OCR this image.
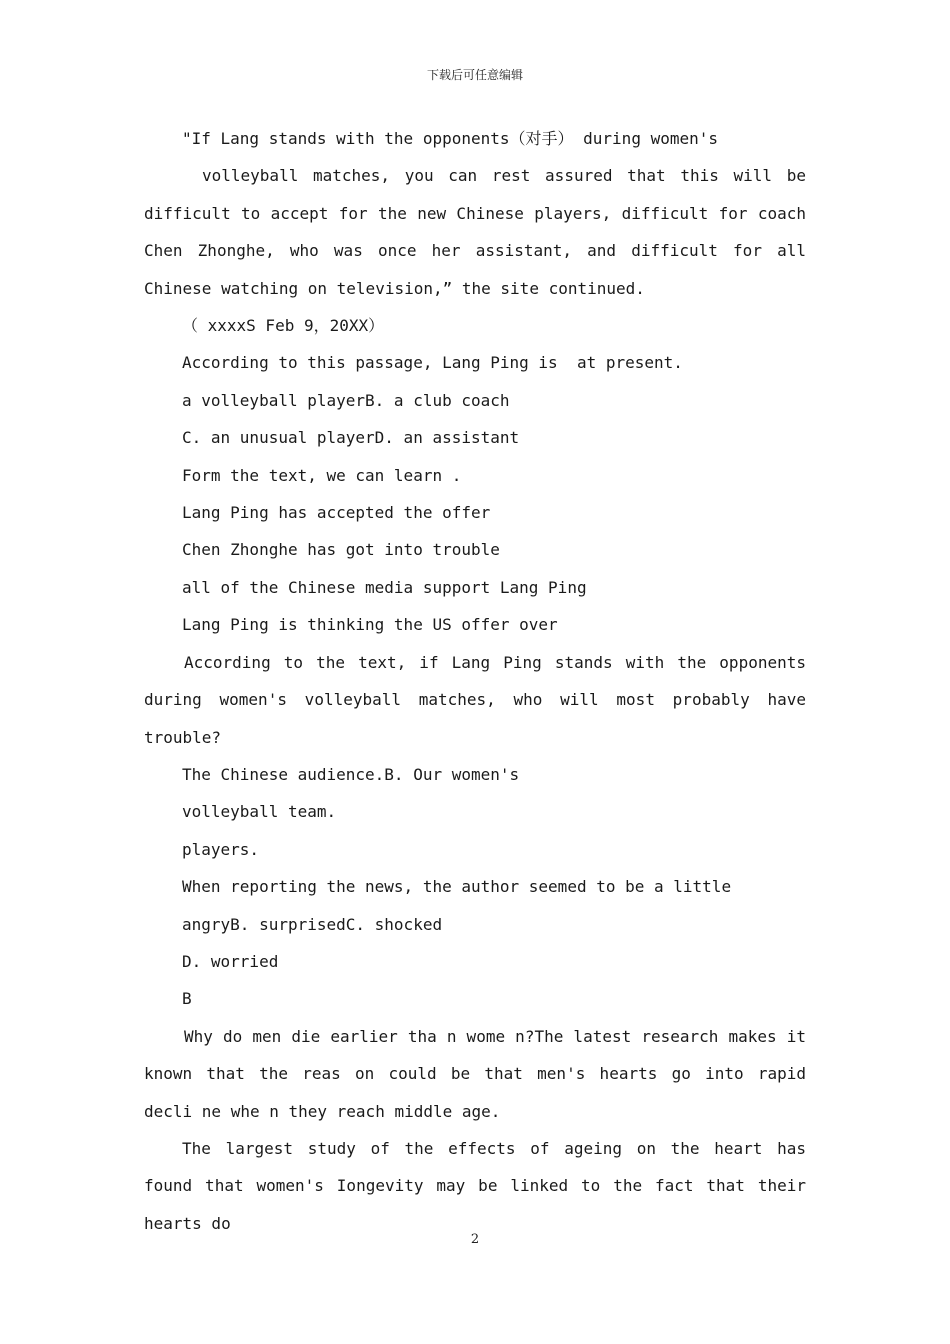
下载后可任意编辑

"If Lang stands with the opponents（对手） during women's

volleyball matches, you can rest assured that this will be difficult to accept for the new Chinese players, difficult for coach Chen Zhonghe, who was once her assistant, and difficult for all Chinese watching on television,” the site continued.

（ xxxxS Feb 9，20XX）

According to this passage, Lang Ping is  at present.

a volleyball playerB. a club coach

C. an unusual playerD. an assistant

Form the text, we can learn .

Lang Ping has accepted the offer

Chen Zhonghe has got into trouble

all of the Chinese media support Lang Ping

Lang Ping is thinking the US offer over

According to the text, if Lang Ping stands with the opponents during women's volleyball matches, who will most probably have trouble?

The Chinese audience.B. Our women's

volleyball team.

players.

When reporting the news, the author seemed to be a little

angryB. surprisedC. shocked

D. worried

B

Why do men die earlier tha n wome n?The latest research makes it known that the reas on could be that men's hearts go into rapid decli ne whe n they reach middle age.

The largest study of the effects of ageing on the heart has found that women's Iongevity may be linked to the fact that their hearts do

2
